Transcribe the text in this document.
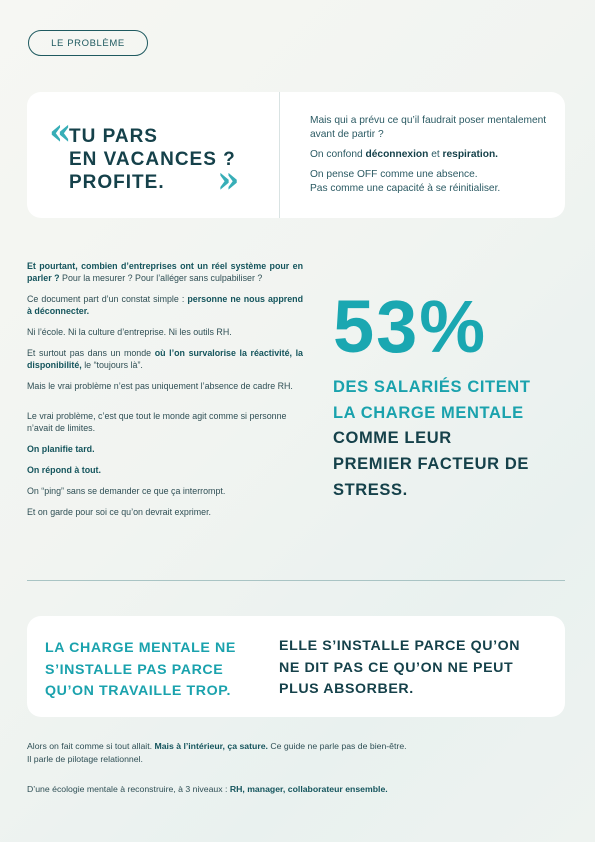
LE PROBLÈME
«
TU PARS
EN VACANCES ?
PROFITE.	»

Mais qui a prévu ce qu’il faudrait poser mentalement avant de partir ?

On confond déconnexion et respiration.

On pense OFF comme une absence.
Pas comme une capacité à se réinitialiser.

Et pourtant, combien d’entreprises ont un réel système pour en parler ? Pour la mesurer ? Pour l’alléger sans culpabiliser ?

Ce document part d’un constat simple : personne ne nous apprend à déconnecter.

Ni l’école. Ni la culture d’entreprise. Ni les outils RH.

Et surtout pas dans un monde où l’on survalorise la réactivité, la disponibilité, le “toujours là”.

Mais le vrai problème n’est pas uniquement l’absence de cadre RH.

Le vrai problème, c’est que tout le monde agit comme si personne n’avait de limites.

On planifie tard.

On répond à tout.

On “ping” sans se demander ce que ça interrompt.

Et on garde pour soi ce qu’on devrait exprimer.

53%
DES SALARIÉS CITENT
LA CHARGE MENTALE
COMME LEUR
PREMIER FACTEUR DE
STRESS.

LA CHARGE MENTALE NE
S’INSTALLE PAS PARCE
QU’ON TRAVAILLE TROP.

ELLE S’INSTALLE PARCE QU’ON
NE DIT PAS CE QU’ON NE PEUT
PLUS ABSORBER.

Alors on fait comme si tout allait. Mais à l’intérieur, ça sature. Ce guide ne parle pas de bien-être.

Il parle de pilotage relationnel.

D’une écologie mentale à reconstruire, à 3 niveaux : RH, manager, collaborateur ensemble.
